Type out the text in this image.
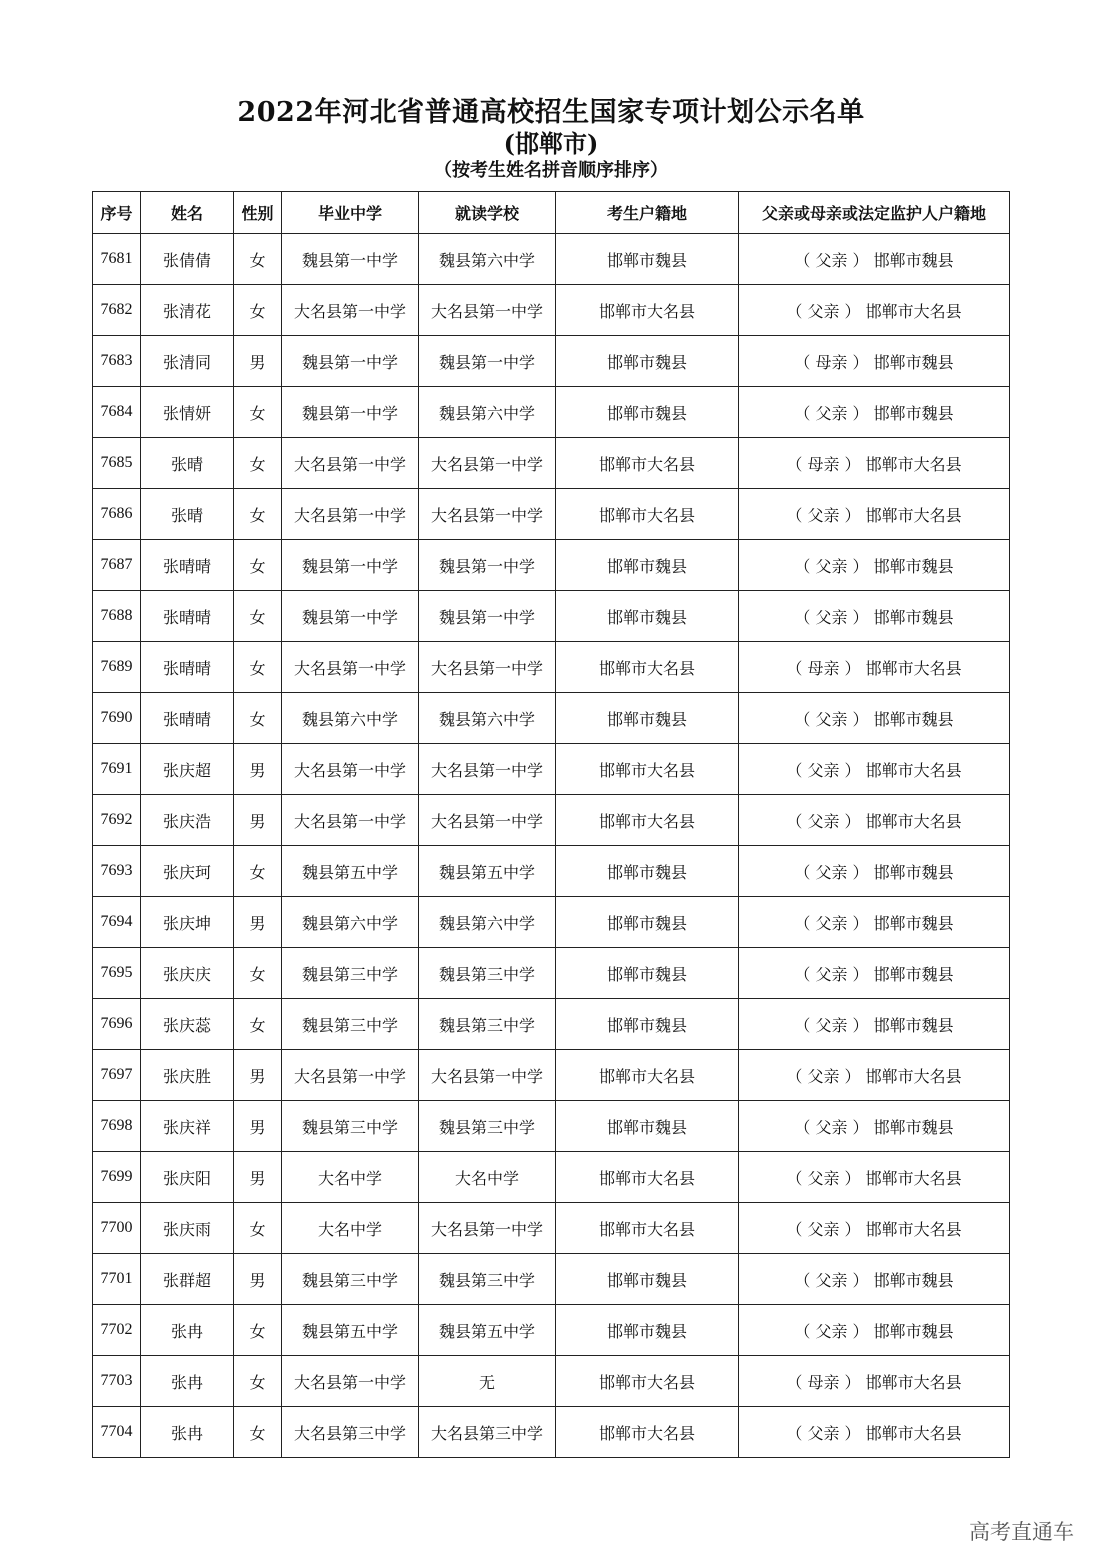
2022年河北省普通高校招生国家专项计划公示名单
(邯郸市)
（按考生姓名拼音顺序排序）
序号	姓名	性别	毕业中学	就读学校	考生户籍地	父亲或母亲或法定监护人户籍地
7681	张倩倩	女	魏县第一中学	魏县第六中学	邯郸市魏县	（ 父亲 ） 邯郸市魏县
7682	张清花	女	大名县第一中学	大名县第一中学	邯郸市大名县	（ 父亲 ） 邯郸市大名县
7683	张清同	男	魏县第一中学	魏县第一中学	邯郸市魏县	（ 母亲 ） 邯郸市魏县
7684	张情妍	女	魏县第一中学	魏县第六中学	邯郸市魏县	（ 父亲 ） 邯郸市魏县
7685	张晴	女	大名县第一中学	大名县第一中学	邯郸市大名县	（ 母亲 ） 邯郸市大名县
7686	张晴	女	大名县第一中学	大名县第一中学	邯郸市大名县	（ 父亲 ） 邯郸市大名县
7687	张晴晴	女	魏县第一中学	魏县第一中学	邯郸市魏县	（ 父亲 ） 邯郸市魏县
7688	张晴晴	女	魏县第一中学	魏县第一中学	邯郸市魏县	（ 父亲 ） 邯郸市魏县
7689	张晴晴	女	大名县第一中学	大名县第一中学	邯郸市大名县	（ 母亲 ） 邯郸市大名县
7690	张晴晴	女	魏县第六中学	魏县第六中学	邯郸市魏县	（ 父亲 ） 邯郸市魏县
7691	张庆超	男	大名县第一中学	大名县第一中学	邯郸市大名县	（ 父亲 ） 邯郸市大名县
7692	张庆浩	男	大名县第一中学	大名县第一中学	邯郸市大名县	（ 父亲 ） 邯郸市大名县
7693	张庆珂	女	魏县第五中学	魏县第五中学	邯郸市魏县	（ 父亲 ） 邯郸市魏县
7694	张庆坤	男	魏县第六中学	魏县第六中学	邯郸市魏县	（ 父亲 ） 邯郸市魏县
7695	张庆庆	女	魏县第三中学	魏县第三中学	邯郸市魏县	（ 父亲 ） 邯郸市魏县
7696	张庆蕊	女	魏县第三中学	魏县第三中学	邯郸市魏县	（ 父亲 ） 邯郸市魏县
7697	张庆胜	男	大名县第一中学	大名县第一中学	邯郸市大名县	（ 父亲 ） 邯郸市大名县
7698	张庆祥	男	魏县第三中学	魏县第三中学	邯郸市魏县	（ 父亲 ） 邯郸市魏县
7699	张庆阳	男	大名中学	大名中学	邯郸市大名县	（ 父亲 ） 邯郸市大名县
7700	张庆雨	女	大名中学	大名县第一中学	邯郸市大名县	（ 父亲 ） 邯郸市大名县
7701	张群超	男	魏县第三中学	魏县第三中学	邯郸市魏县	（ 父亲 ） 邯郸市魏县
7702	张冉	女	魏县第五中学	魏县第五中学	邯郸市魏县	（ 父亲 ） 邯郸市魏县
7703	张冉	女	大名县第一中学	无	邯郸市大名县	（ 母亲 ） 邯郸市大名县
7704	张冉	女	大名县第三中学	大名县第三中学	邯郸市大名县	（ 父亲 ） 邯郸市大名县
高考直通车
